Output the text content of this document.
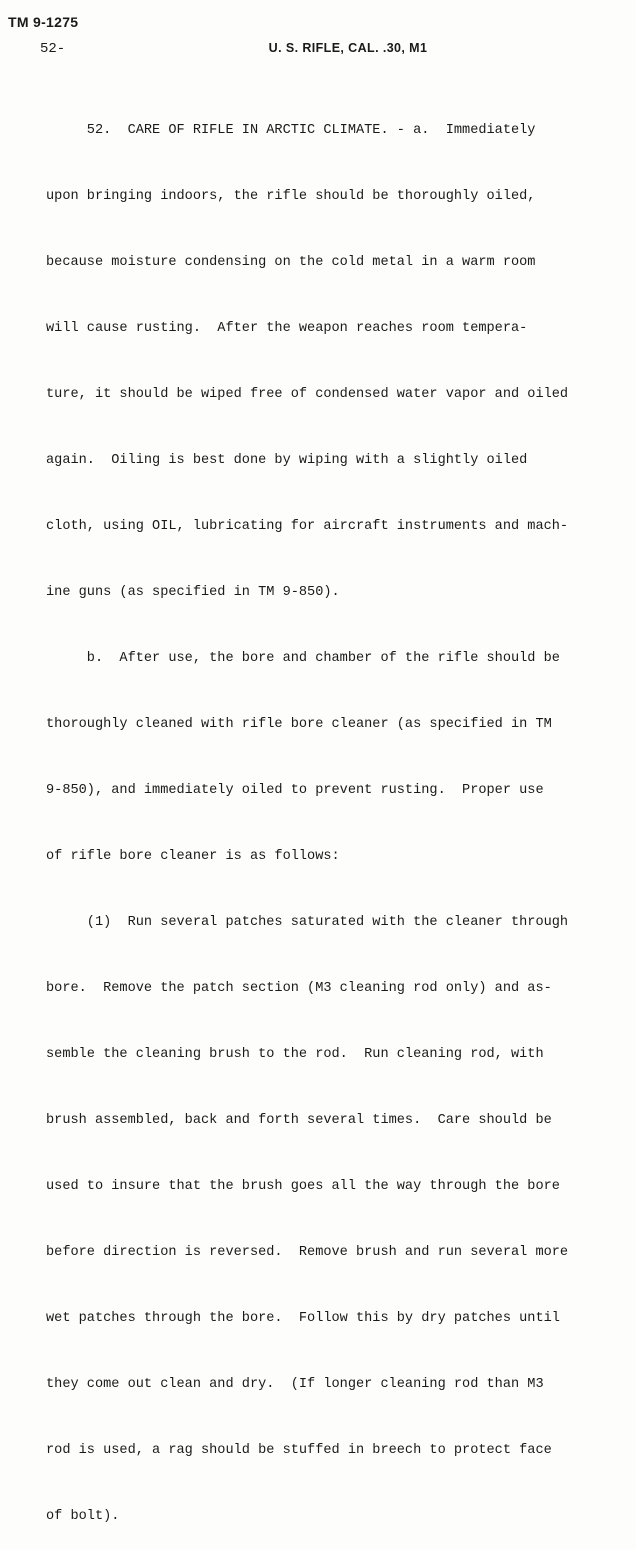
TM 9-1275
52-	U. S. RIFLE, CAL. .30, M1

52.  CARE OF RIFLE IN ARCTIC CLIMATE. - a.  Immediately

upon bringing indoors, the rifle should be thoroughly oiled,

because moisture condensing on the cold metal in a warm room

will cause rusting.  After the weapon reaches room tempera-

ture, it should be wiped free of condensed water vapor and oiled

again.  Oiling is best done by wiping with a slightly oiled

cloth, using OIL, lubricating for aircraft instruments and mach-

ine guns (as specified in TM 9-850).

b.  After use, the bore and chamber of the rifle should be

thoroughly cleaned with rifle bore cleaner (as specified in TM

9-850), and immediately oiled to prevent rusting.  Proper use

of rifle bore cleaner is as follows:

(1)  Run several patches saturated with the cleaner through

bore.  Remove the patch section (M3 cleaning rod only) and as-

semble the cleaning brush to the rod.  Run cleaning rod, with

brush assembled, back and forth several times.  Care should be

used to insure that the brush goes all the way through the bore

before direction is reversed.  Remove brush and run several more

wet patches through the bore.  Follow this by dry patches until

they come out clean and dry.  (If longer cleaning rod than M3

rod is used, a rag should be stuffed in breech to protect face

of bolt).
